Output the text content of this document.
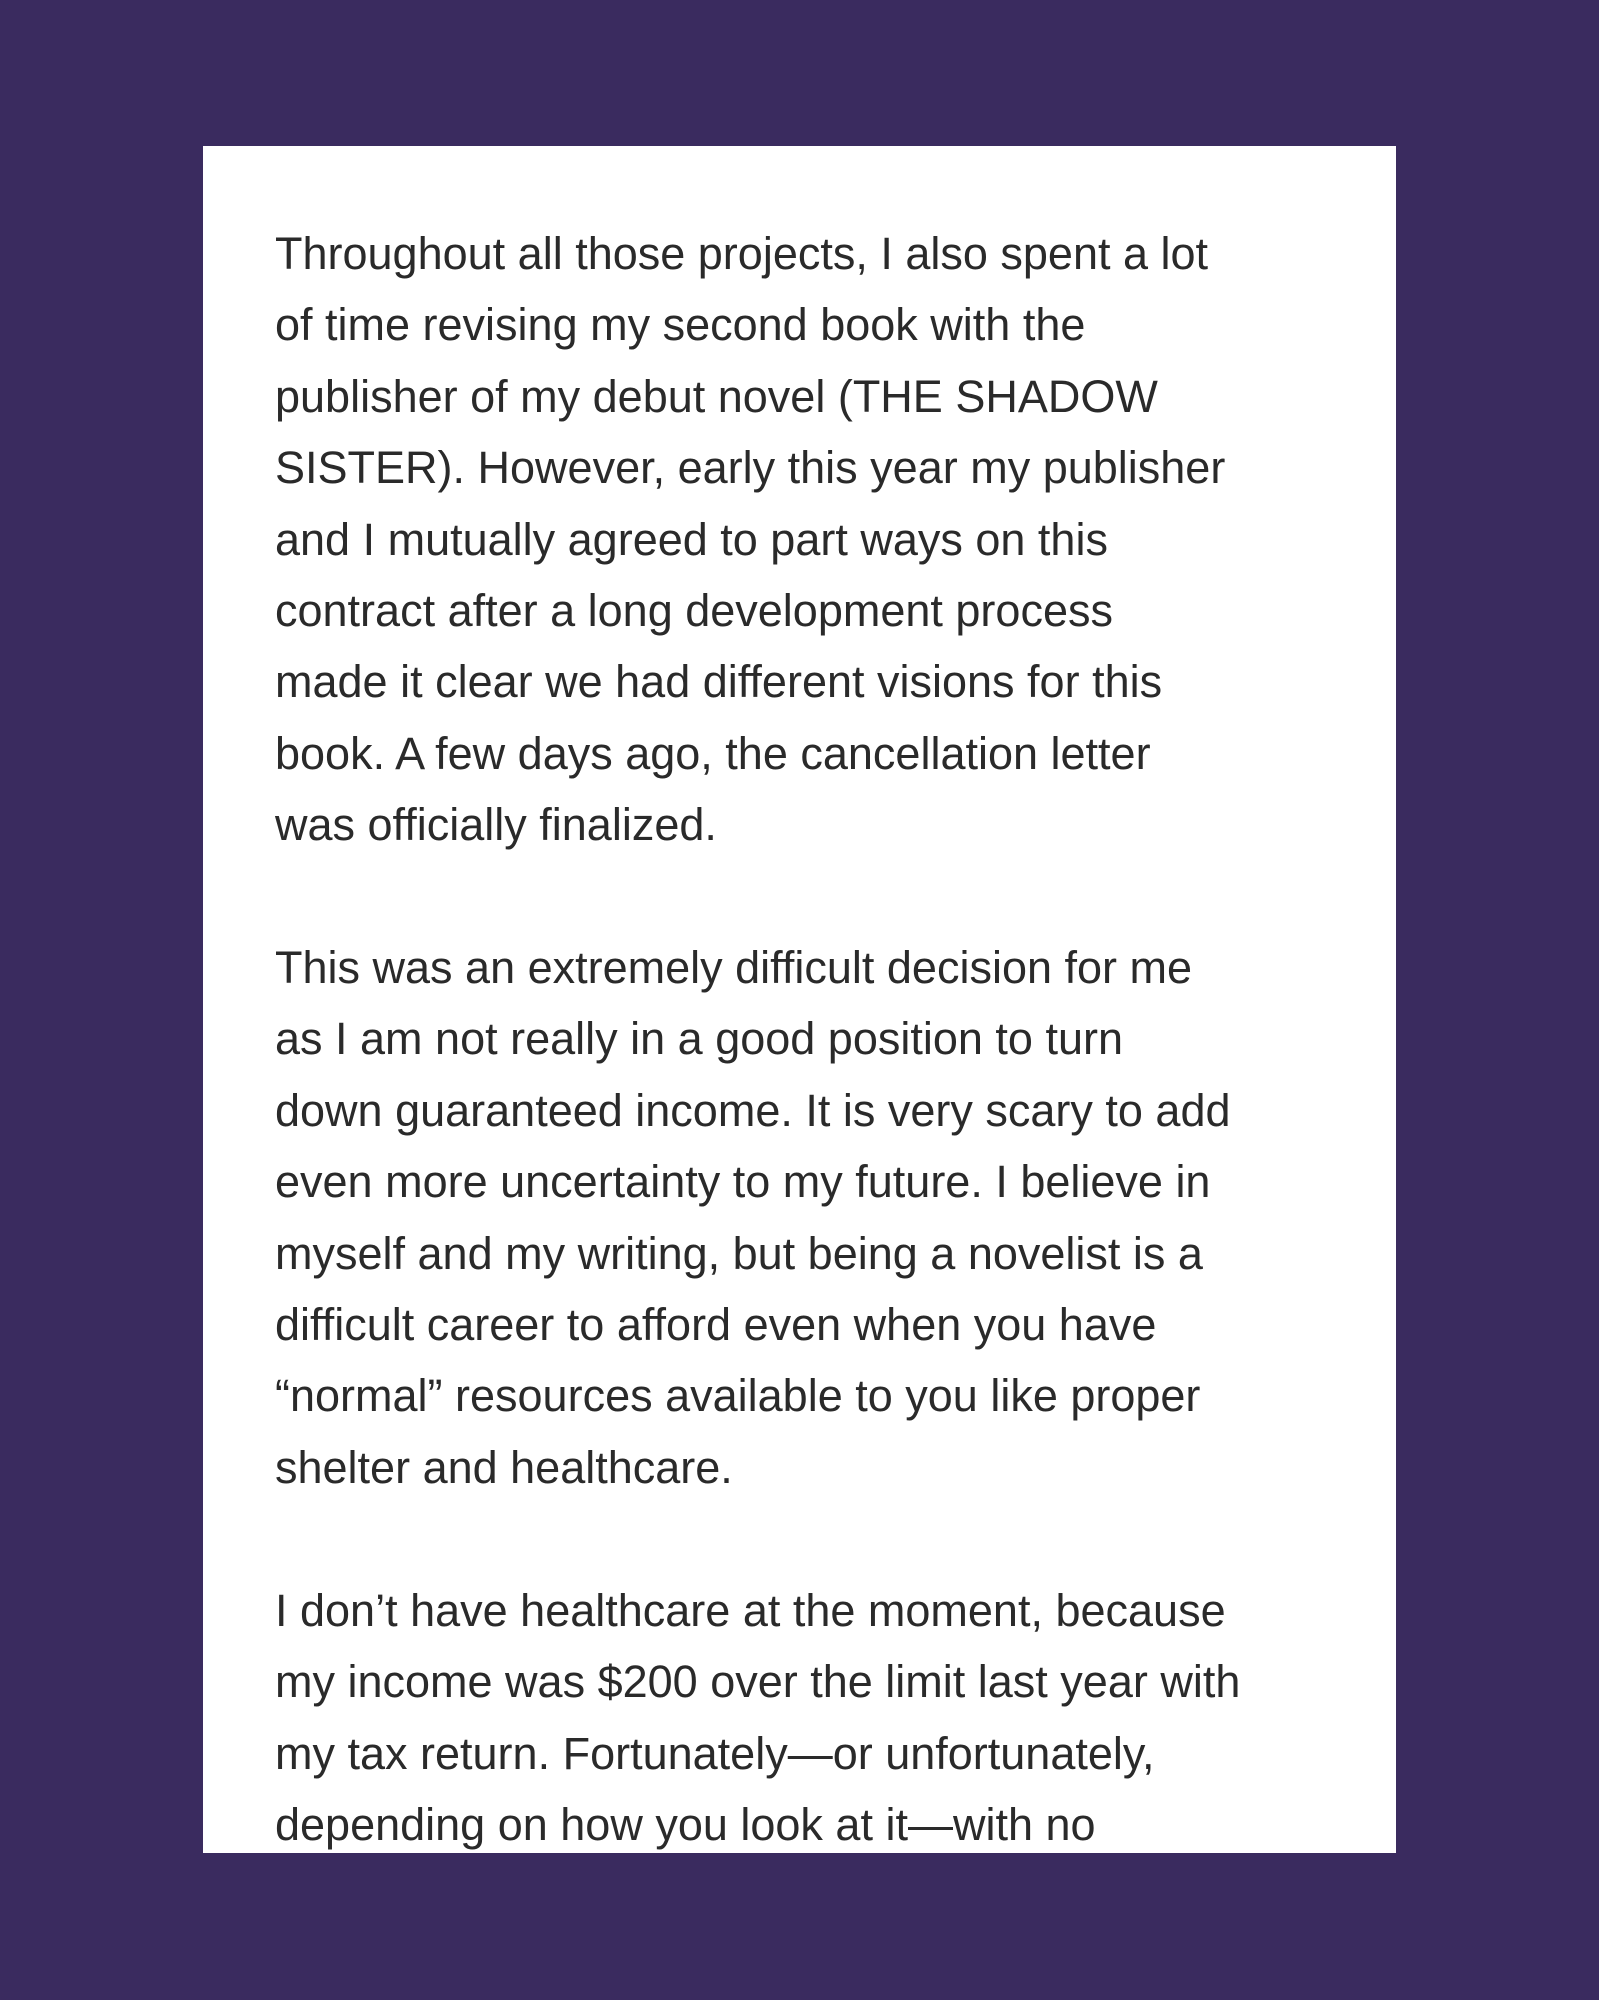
Throughout all those projects, I also spent a lot
of time revising my second book with the
publisher of my debut novel (THE SHADOW
SISTER). However, early this year my publisher
and I mutually agreed to part ways on this
contract after a long development process
made it clear we had different visions for this
book. A few days ago, the cancellation letter
was officially finalized.

This was an extremely difficult decision for me
as I am not really in a good position to turn
down guaranteed income. It is very scary to add
even more uncertainty to my future. I believe in
myself and my writing, but being a novelist is a
difficult career to afford even when you have
“normal” resources available to you like proper
shelter and healthcare.

I don’t have healthcare at the moment, because
my income was $200 over the limit last year with
my tax return. Fortunately—or unfortunately,
depending on how you look at it—with no
